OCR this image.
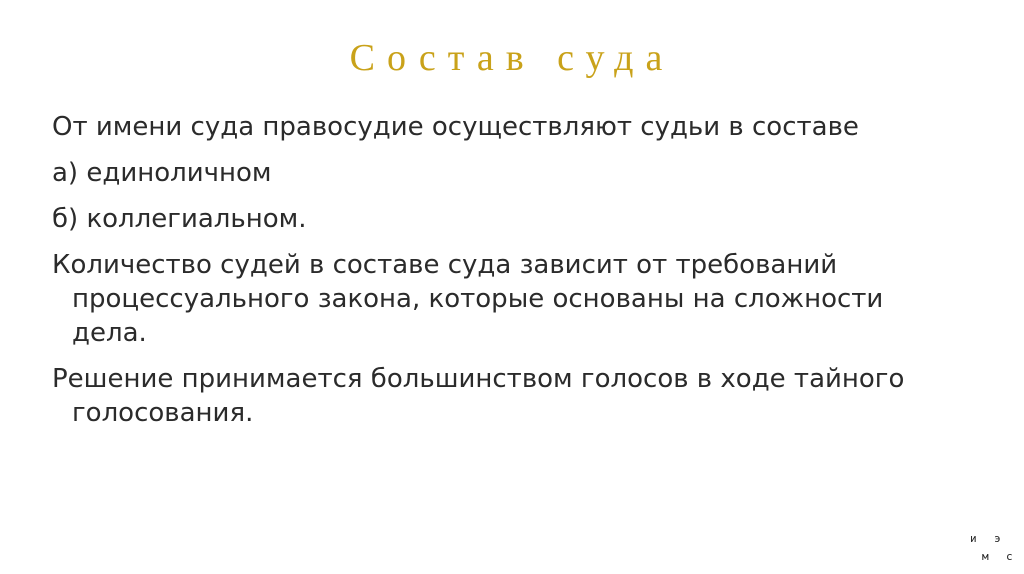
Состав суда

От имени суда правосудие осуществляют судьи в составе

а) единоличном

б) коллегиальном.

Количество судей в составе суда зависит от требований процессуального закона, которые основаны на сложности дела.

Решение принимается большинством голосов в ходе тайного голосования.

и э
м с
